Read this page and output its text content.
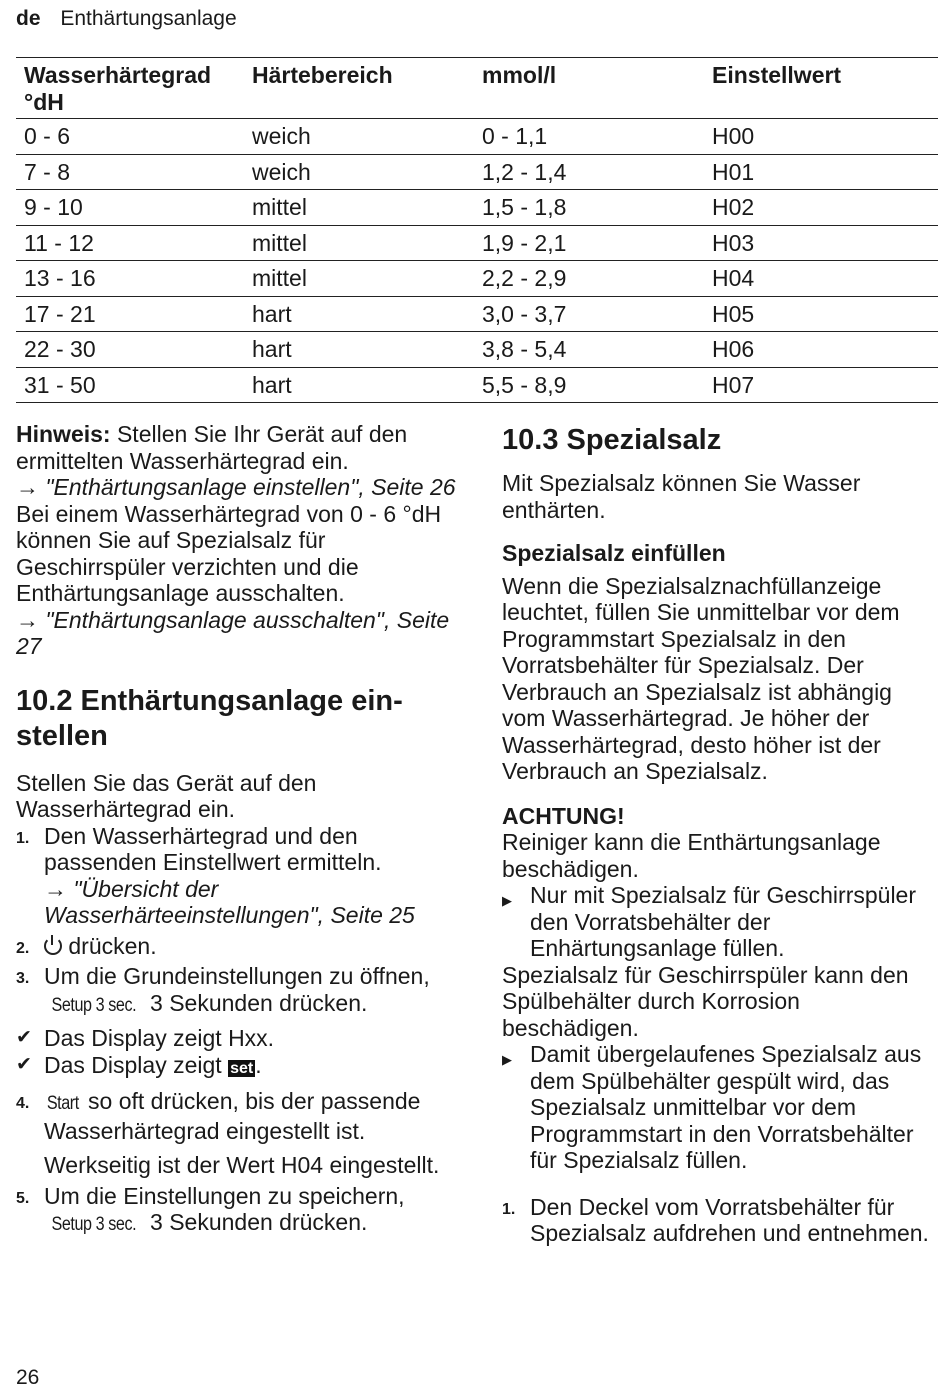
de Enthärtungsanlage
Wasserhärtegrad °dH	Härtebereich	mmol/l	Einstellwert
0 - 6	weich	0 - 1,1	H00
7 - 8	weich	1,2 - 1,4	H01
9 - 10	mittel	1,5 - 1,8	H02
11 - 12	mittel	1,9 - 2,1	H03
13 - 16	mittel	2,2 - 2,9	H04
17 - 21	hart	3,0 - 3,7	H05
22 - 30	hart	3,8 - 5,4	H06
31 - 50	hart	5,5 - 8,9	H07

Hinweis: Stellen Sie Ihr Gerät auf den ermittelten Wasserhärtegrad ein.

→ "Enthärtungsanlage einstellen", Seite 26

Bei einem Wasserhärtegrad von 0 - 6 °dH können Sie auf Spezialsalz für Geschirrspüler verzichten und die Enthärtungsanlage ausschalten.

→ "Enthärtungsanlage ausschalten", Seite 27

10.2 Enthärtungsanlage ein-stellen

Stellen Sie das Gerät auf den Wasserhärtegrad ein.

1. Den Wasserhärtegrad und den passenden Einstellwert ermitteln.
→ "Übersicht der Wasserhärteeinstellungen", Seite 25
2. drücken.
3. Um die Grundeinstellungen zu öffnen, Setup 3 sec. 3 Sekunden drücken.
✔ Das Display zeigt Hxx.
✔ Das Display zeigt set.
4. Start so oft drücken, bis der passende Wasserhärtegrad eingestellt ist.

Werkseitig ist der Wert H04 eingestellt.
5. Um die Einstellungen zu speichern, Setup 3 sec. 3 Sekunden drücken.
10.3 Spezialsalz

Mit Spezialsalz können Sie Wasser enthärten.

Spezialsalz einfüllen

Wenn die Spezialsalznachfüllanzeige leuchtet, füllen Sie unmittelbar vor dem Programmstart Spezialsalz in den Vorratsbehälter für Spezialsalz. Der Verbrauch an Spezialsalz ist abhängig vom Wasserhärtegrad. Je höher der Wasserhärtegrad, desto höher ist der Verbrauch an Spezialsalz.

ACHTUNG!

Reiniger kann die Enthärtungsanlage beschädigen.

▶ Nur mit Spezialsalz für Geschirrspüler den Vorratsbehälter der Enhärtungsanlage füllen.

Spezialsalz für Geschirrspüler kann den Spülbehälter durch Korrosion beschädigen.

▶ Damit übergelaufenes Spezialsalz aus dem Spülbehälter gespült wird, das Spezialsalz unmittelbar vor dem Programmstart in den Vorratsbehälter für Spezialsalz füllen.

1. Den Deckel vom Vorratsbehälter für Spezialsalz aufdrehen und entnehmen.

26
